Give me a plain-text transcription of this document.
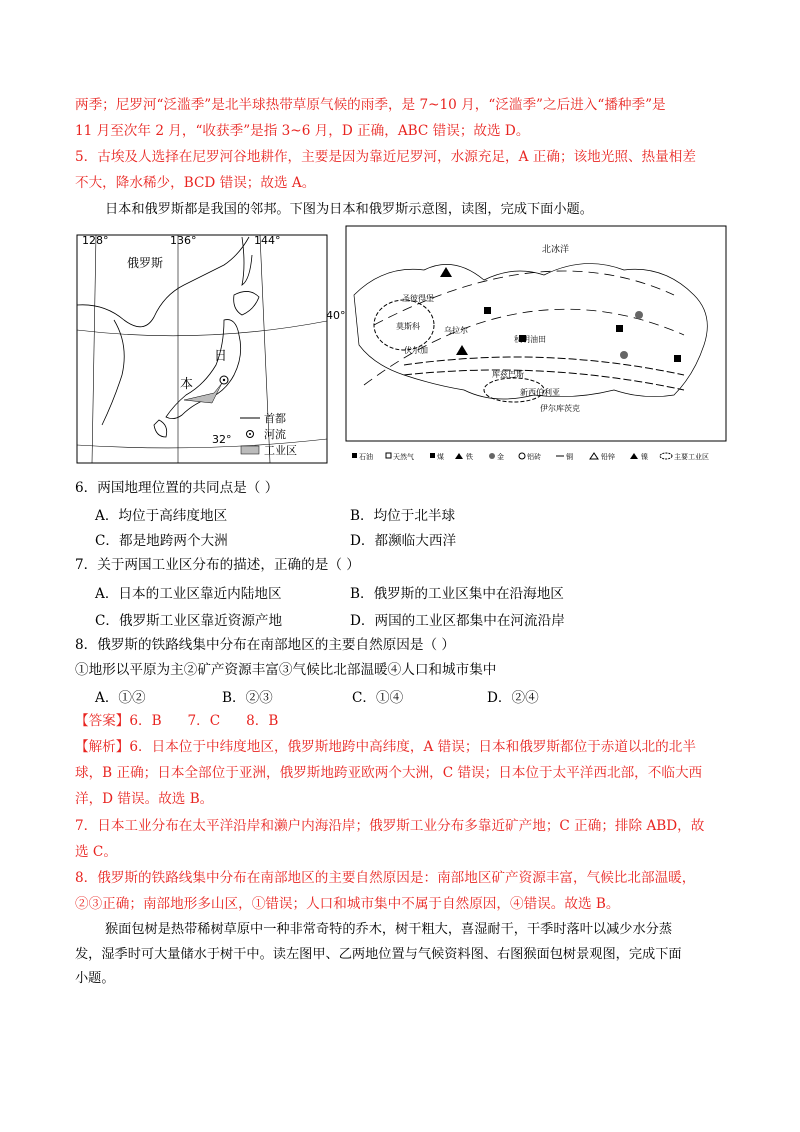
两季；尼罗河“泛滥季”是北半球热带草原气候的雨季，是 7~10 月，“泛滥季”之后进入“播种季”是
11 月至次年 2 月，“收获季”是指 3~6 月，D 正确，ABC 错误；故选 D。
5．古埃及人选择在尼罗河谷地耕作，主要是因为靠近尼罗河，水源充足，A 正确；该地光照、热量相差
不大，降水稀少，BCD 错误；故选 A。
日本和俄罗斯都是我国的邻邦。下图为日本和俄罗斯示意图，读图，完成下面小题。
128°	136°	144°
俄罗斯
日
本
32°
首都
河流
工业区
40°
北冰洋
圣彼得堡
莫斯科
伏尔加
乌拉尔
秋明油田
库兹巴斯
新西伯利亚
伊尔库茨克
石油	天然气	煤	铁	金	铝砖	铜	铅锌	镍	主要工业区
6．两国地理位置的共同点是（ ）
A．均位于高纬度地区	B．均位于北半球
C．都是地跨两个大洲	D．都濒临大西洋
7．关于两国工业区分布的描述，正确的是（ ）
A．日本的工业区靠近内陆地区	B．俄罗斯的工业区集中在沿海地区
C．俄罗斯工业区靠近资源产地	D．两国的工业区都集中在河流沿岸
8．俄罗斯的铁路线集中分布在南部地区的主要自然原因是（ ）
①地形以平原为主②矿产资源丰富③气候比北部温暖④人口和城市集中
A．①②	B．②③	C．①④	D．②④
【答案】6．B      7．C      8．B
【解析】6．日本位于中纬度地区，俄罗斯地跨中高纬度，A 错误；日本和俄罗斯都位于赤道以北的北半
球，B 正确；日本全部位于亚洲，俄罗斯地跨亚欧两个大洲，C 错误；日本位于太平洋西北部，不临大西
洋，D 错误。故选 B。
7．日本工业分布在太平洋沿岸和濑户内海沿岸；俄罗斯工业分布多靠近矿产地；C 正确；排除 ABD，故
选 C。
8．俄罗斯的铁路线集中分布在南部地区的主要自然原因是：南部地区矿产资源丰富，气候比北部温暖，
②③正确；南部地形多山区，①错误；人口和城市集中不属于自然原因，④错误。故选 B。
猴面包树是热带稀树草原中一种非常奇特的乔木，树干粗大，喜湿耐干，干季时落叶以减少水分蒸
发，湿季时可大量储水于树干中。读左图甲、乙两地位置与气候资料图、右图猴面包树景观图，完成下面
小题。
